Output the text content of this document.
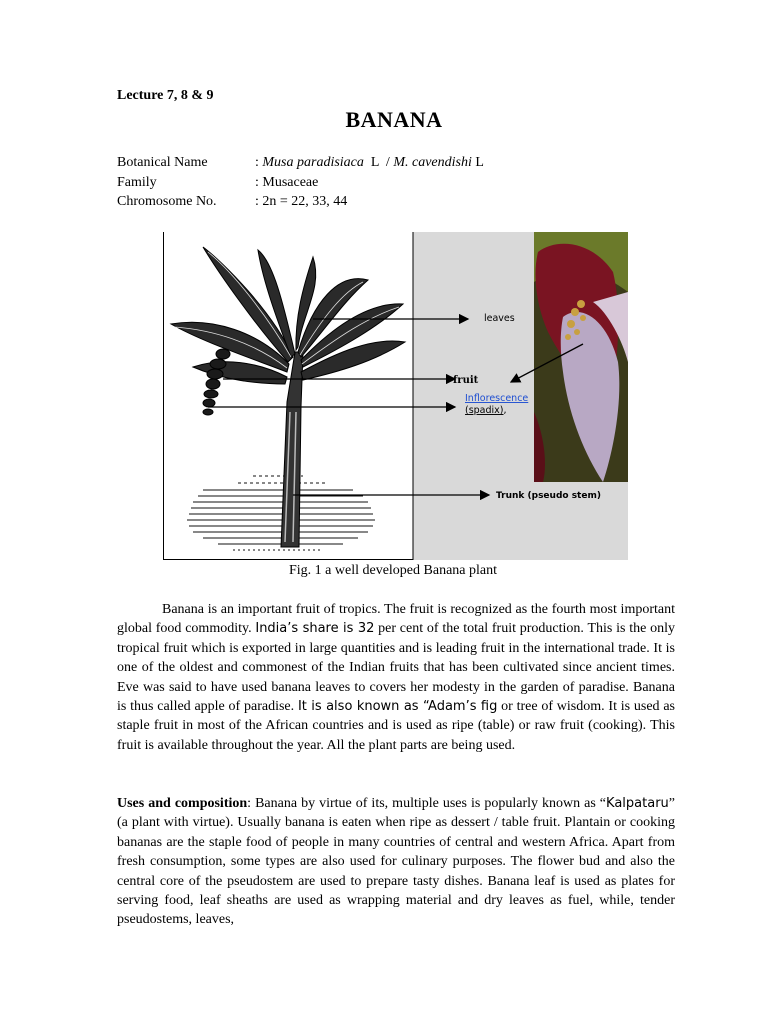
Lecture 7, 8 & 9
BANANA
Botanical Name	: Musa paradisiaca  L  / M. cavendishi L
Family	: Musaceae
Chromosome No.	: 2n = 22, 33, 44
leaves
fruit
Inflorescence
(spadix),
Trunk (pseudo stem)
Fig. 1 a well developed Banana plant

Banana is an important fruit of tropics. The fruit is recognized as the fourth most important global food commodity. India’s share is 32 per cent of the total fruit production. This is the only tropical fruit which is exported in large quantities and is leading fruit in the international trade. It is one of the oldest and commonest of the Indian fruits that has been cultivated since ancient times. Eve was said to have used banana leaves to covers her modesty in the garden of paradise. Banana is thus called apple of paradise. It is also known as “Adam’s fig or tree of wisdom. It is used as staple fruit in most of the African countries and is used as ripe (table) or raw fruit (cooking). This fruit is available throughout the year. All the plant parts are being used.

Uses and composition: Banana by virtue of its, multiple uses is popularly known as “Kalpataru” (a plant with virtue). Usually banana is eaten when ripe as dessert / table fruit. Plantain or cooking bananas are the staple food of people in many countries of central and western Africa. Apart from fresh consumption, some types are also used for culinary purposes. The flower bud and also the central core of the pseudostem are used to prepare tasty dishes. Banana leaf is used as plates for serving food, leaf sheaths are used as wrapping material and dry leaves as fuel, while, tender pseudostems, leaves,
